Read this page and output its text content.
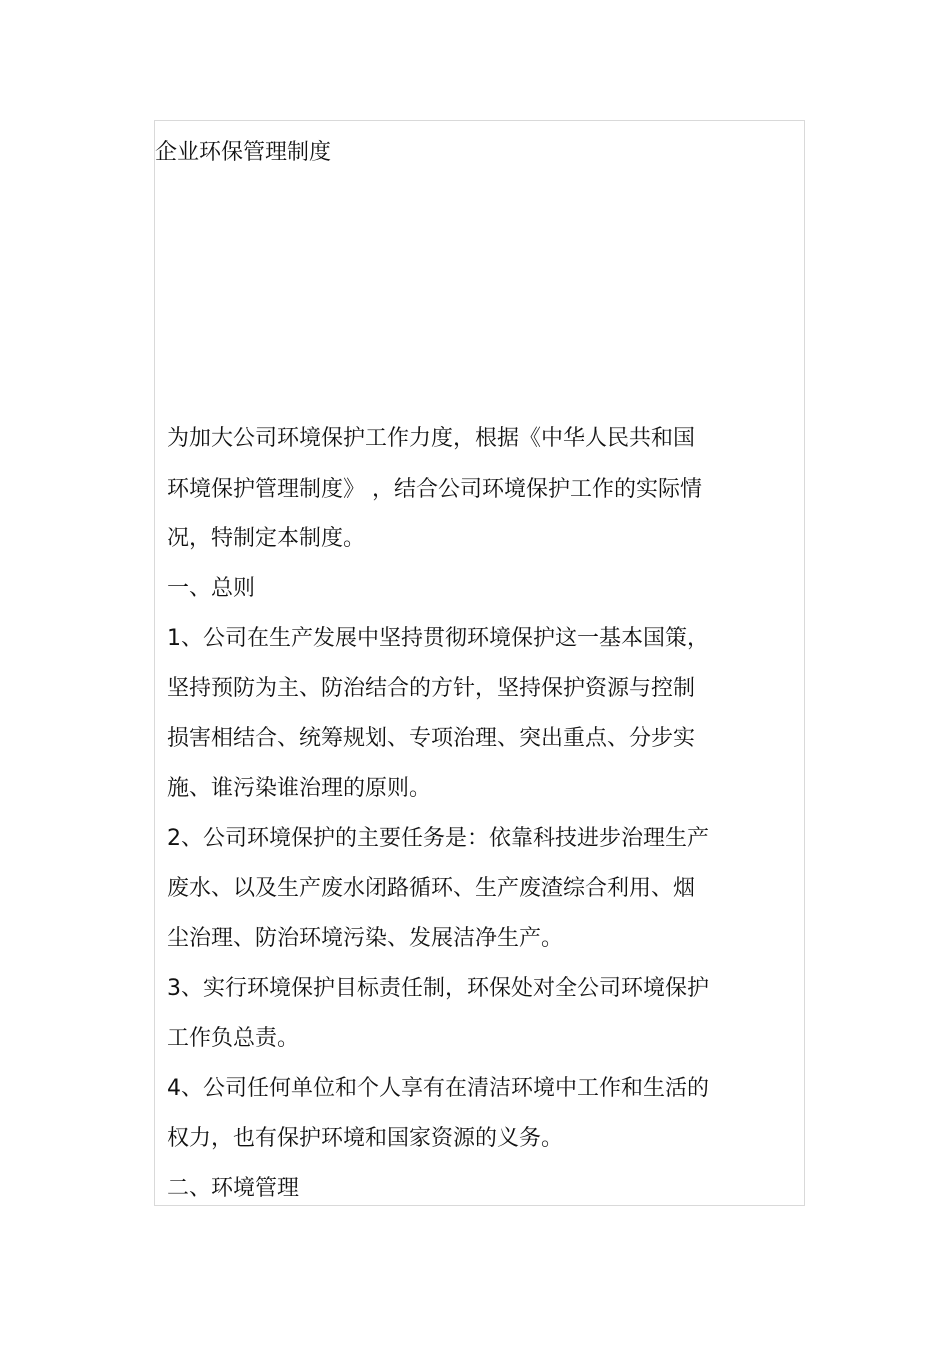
企业环保管理制度

为加大公司环境保护工作力度，根据《中华人民共和国

环境保护管理制度》 ，结合公司环境保护工作的实际情

况，特制定本制度。

一、总则

1、公司在生产发展中坚持贯彻环境保护这一基本国策，

坚持预防为主、防治结合的方针，坚持保护资源与控制

损害相结合、统筹规划、专项治理、突出重点、分步实

施、谁污染谁治理的原则。

2、公司环境保护的主要任务是：依靠科技进步治理生产

废水、以及生产废水闭路循环、生产废渣综合利用、烟

尘治理、防治环境污染、发展洁净生产。

3、实行环境保护目标责任制，环保处对全公司环境保护

工作负总责。

4、公司任何单位和个人享有在清洁环境中工作和生活的

权力，也有保护环境和国家资源的义务。

二、环境管理
